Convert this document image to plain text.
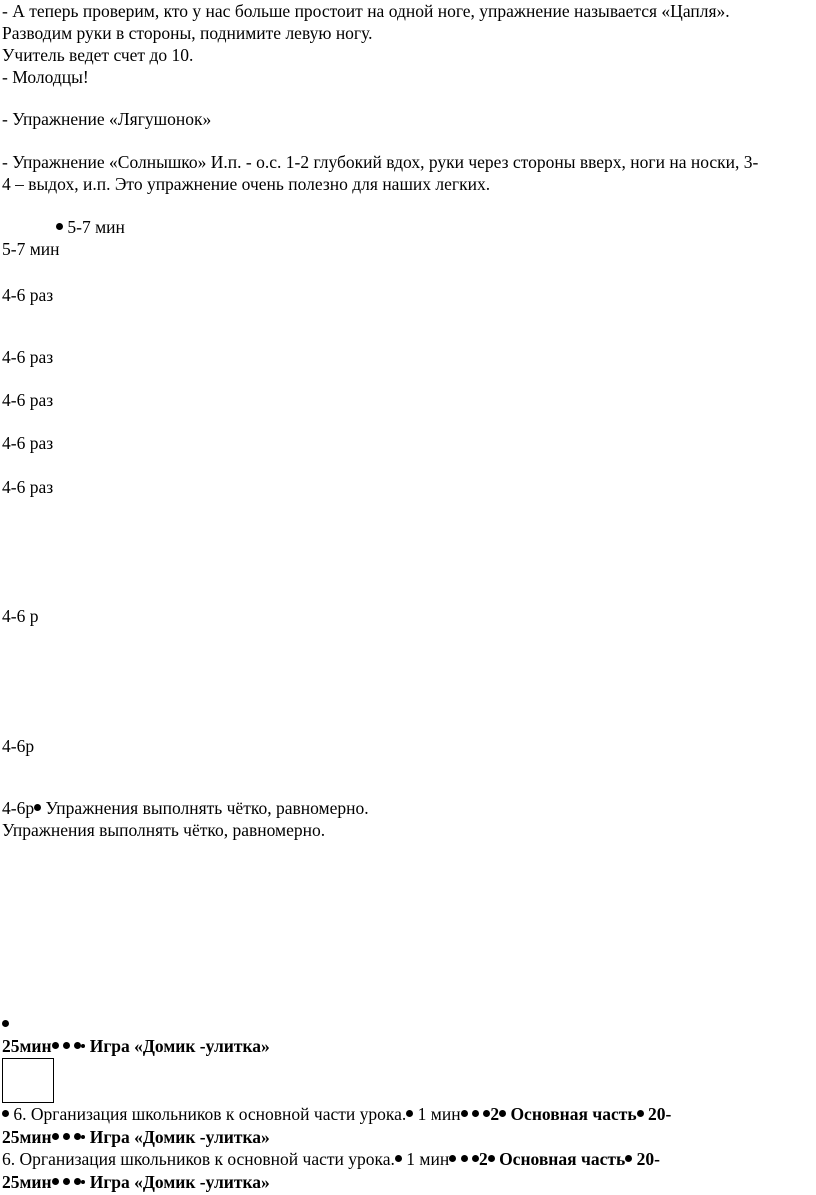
- А теперь проверим, кто у нас больше простоит на одной ноге, упражнение называется «Цапля».
Разводим руки в стороны, поднимите левую ногу.
Учитель ведет счет до 10.
- Молодцы!
- Упражнение «Лягушонок»
- Упражнение «Солнышко» И.п. - о.с. 1-2 глубокий вдох, руки через стороны вверх, ноги на носки, 3-
4 – выдох, и.п. Это упражнение очень полезно для наших легких.
5-7 мин
5-7 мин
4-6 раз
4-6 раз
4-6 раз
4-6 раз
4-6 раз
4-6 р
4-6р
4-6р Упражнения выполнять чётко, равномерно.
Упражнения выполнять чётко, равномерно.
25мин Игра «Домик -улитка»
6. Организация школьников к основной части урока. 1 мин 2 Основная часть 20-
25мин Игра «Домик -улитка»
6. Организация школьников к основной части урока. 1 мин 2 Основная часть 20-
25мин Игра «Домик -улитка»
